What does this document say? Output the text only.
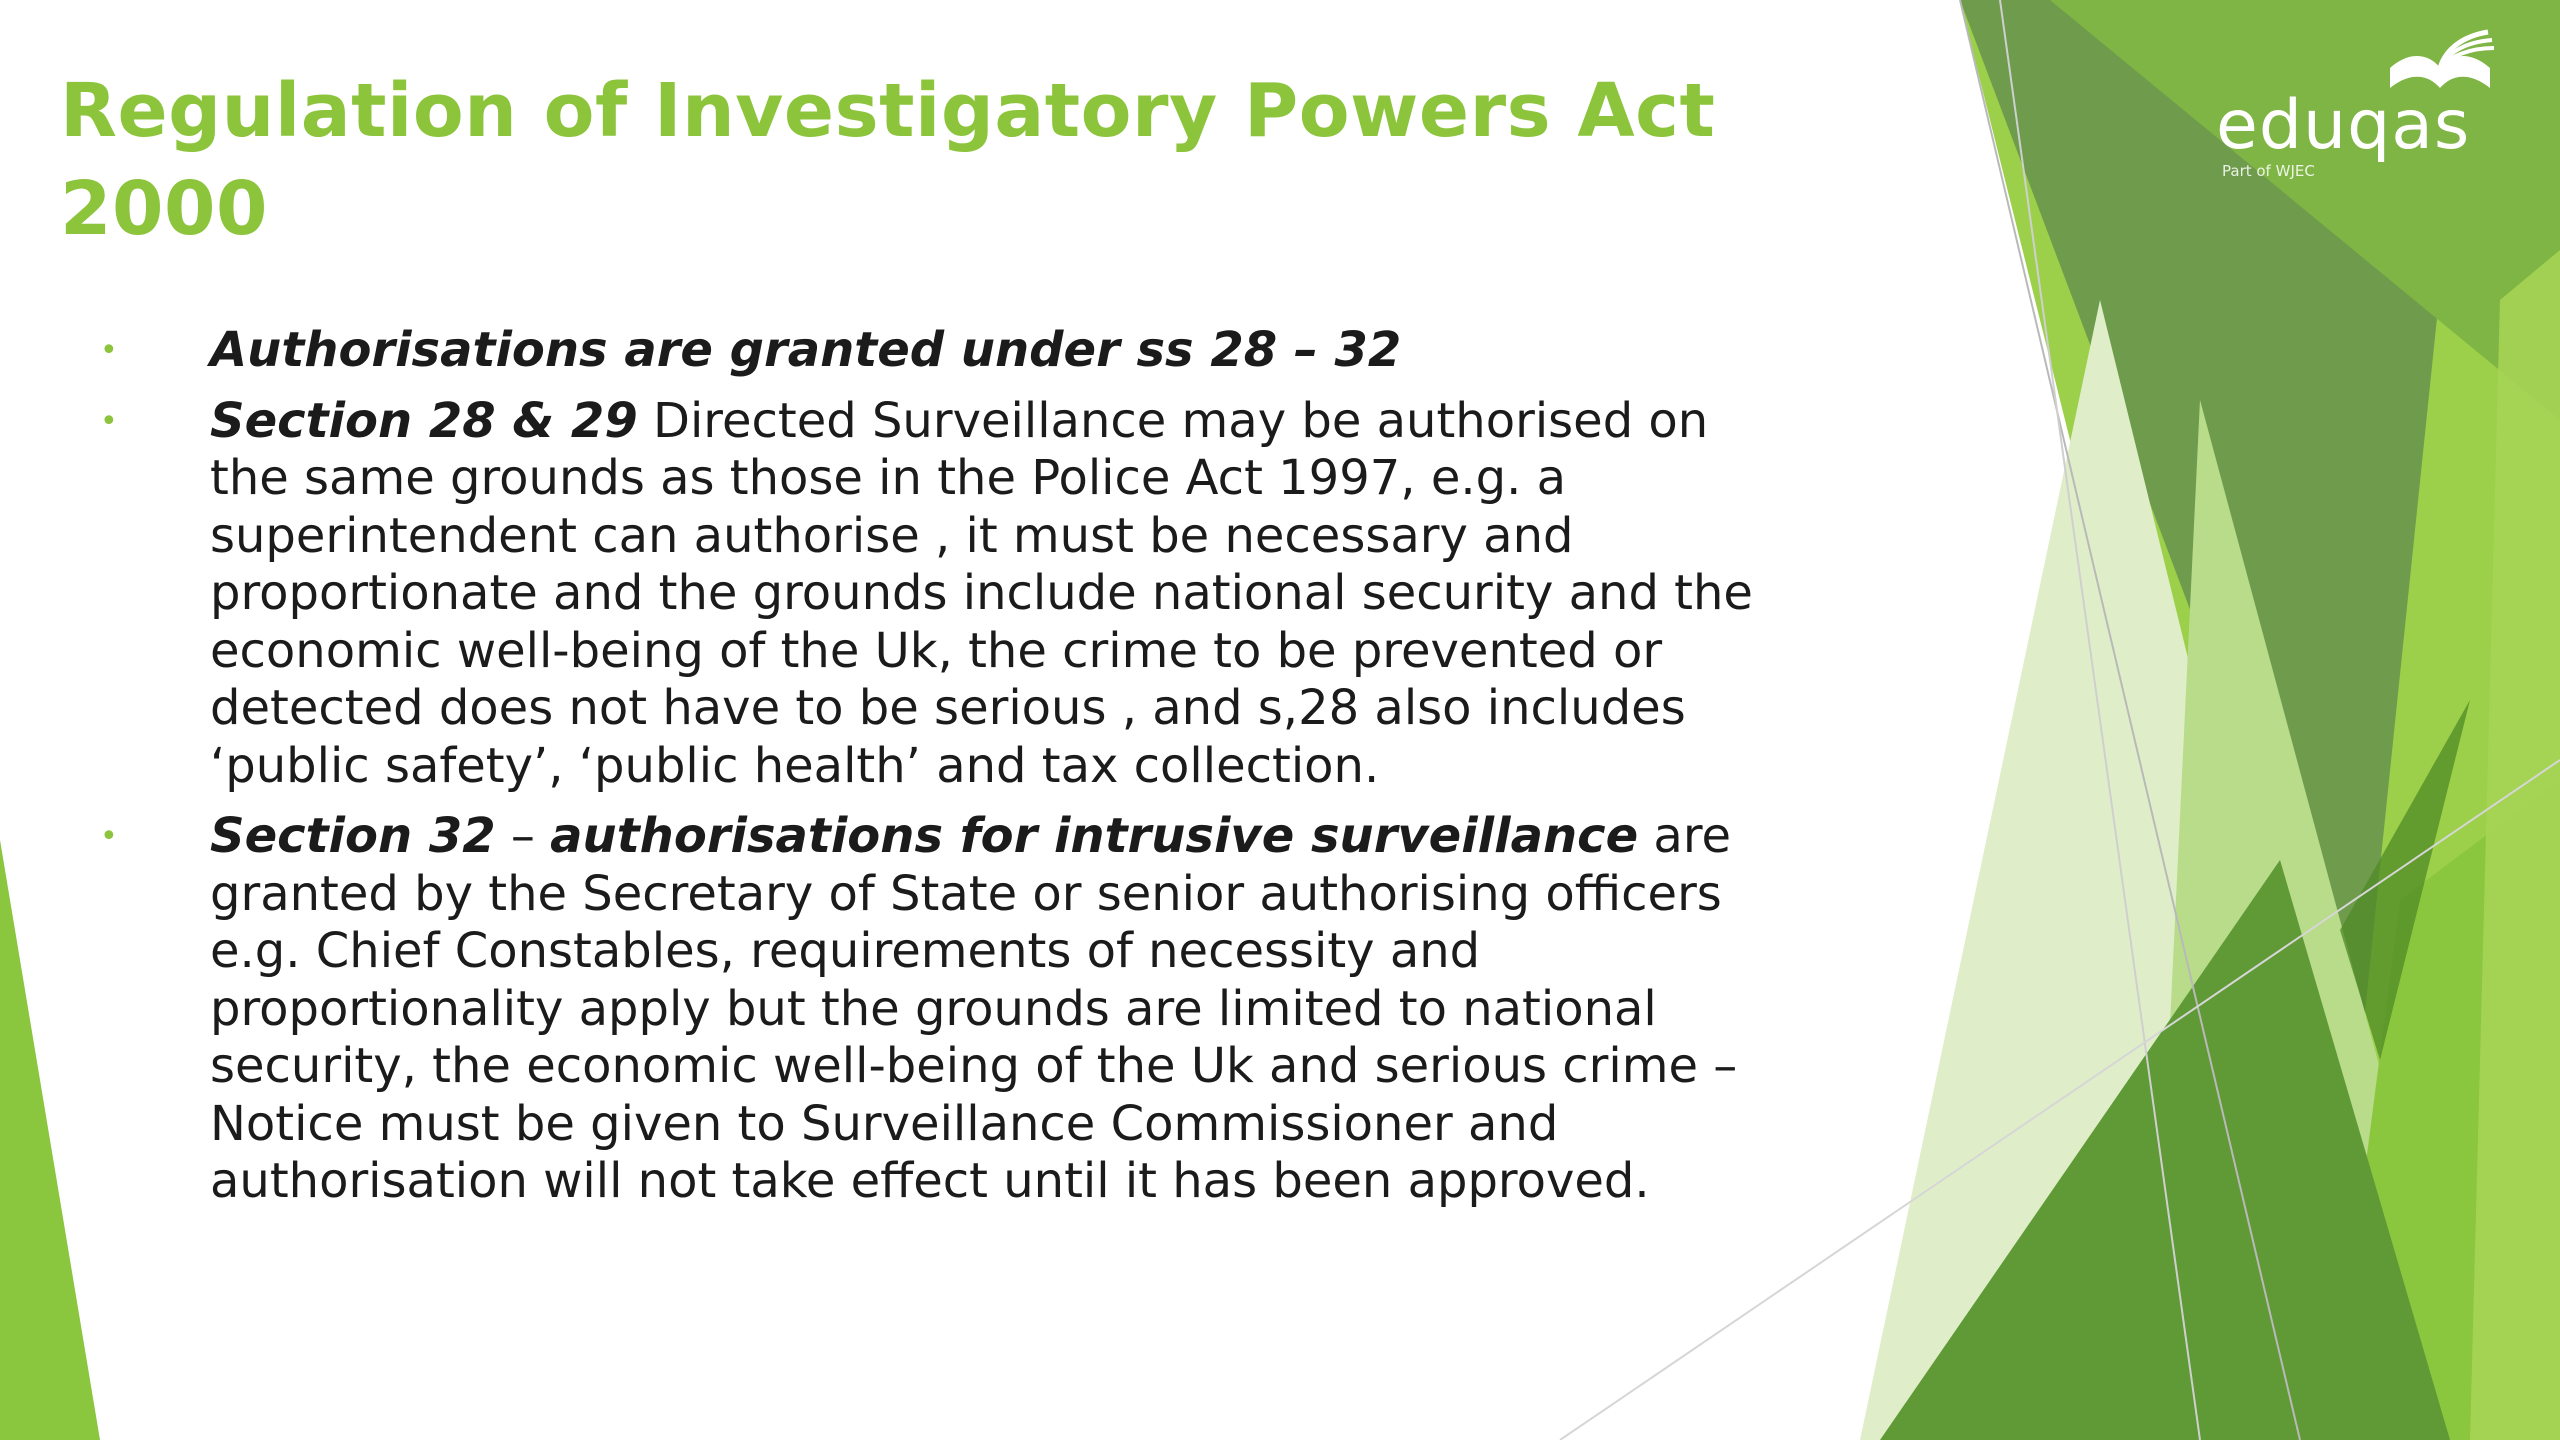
Regulation of Investigatory Powers Act 2000
eduqas
Part of WJEC
• Authorisations are granted under ss 28 – 32
• Section 28 & 29 Directed Surveillance may be authorised on the same grounds as those in the Police Act 1997, e.g. a superintendent can authorise , it must be necessary and proportionate and the grounds include national security and the economic well-being of the Uk, the crime to be prevented or detected does not have to be serious , and s,28 also includes ‘public safety’, ‘public health’ and tax collection.
• Section 32 – authorisations for intrusive surveillance are granted by the Secretary of State or senior authorising officers e.g. Chief Constables, requirements of necessity and proportionality apply but the grounds are limited to national security, the economic well-being of the Uk and serious crime – Notice must be given to Surveillance Commissioner and authorisation will not take effect until it has been approved.
